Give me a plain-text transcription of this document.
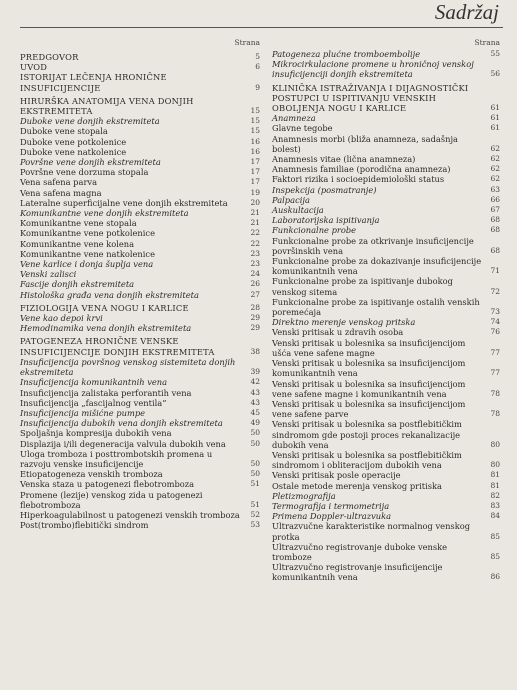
Sadržaj
Strana
PREDGOVOR	5
UVOD	6
ISTORIJAT LEČENJA HRONIČNE INSUFICIJENCIJE	9
HIRURŠKA ANATOMIJA VENA DONJIH EKSTREMITETA	15
Duboke vene donjih ekstremiteta	15
Duboke vene stopala	15
Duboke vene potkolenice	16
Duboke vene natkolenice	16
Površne vene donjih ekstremiteta	17
Površne vene dorzuma stopala	17
Vena safena parva	17
Vena safena magna	19
Lateralne superficijalne vene donjih ekstremiteta	20
Komunikantne vene donjih ekstremiteta	21
Komunikantne vene stopala	21
Komunikantne vene potkolenice	22
Komunikantne vene kolena	22
Komunikantne vene natkolenice	23
Vene karlice i donja šuplja vena	23
Venski zalisci	24
Fascije donjih ekstremiteta	26
Histološka građa vena donjih ekstremiteta	27
FIZIOLOGIJA VENA NOGU I KARLICE	28
Vene kao depoi krvi	29
Hemodinamika vena donjih ekstremiteta	29
PATOGENEZA HRONIČNE VENSKE INSUFICIJENCIJE DONJIH EKSTREMITETA	38
Insuficijencija površnog venskog sistemiteta donjih ekstremiteta	39
Insuficijencija komunikantnih vena	42
Insuficijencija zalistaka perforantih vena	43
Insuficijencija „fascijalnog ventila”	43
Insuficijencija mišićne pumpe	45
Insuficijencija dubokih vena donjih ekstremiteta	49
Spoljašnja kompresija dubokih vena	50
Displazija i/ili degeneracija valvula dubokih vena	50
Uloga tromboza i posttrombotskih promena u razvoju venske insuficijencije	50
Etiopatogeneza venskih tromboza	50
Venska staza u patogenezi flebotromboza	51
Promene (lezije) venskog zida u patogenezi flebotromboza	51
Hiperkoagulabilnost u patogenezi venskih tromboza	52
Post(trombo)flebitički sindrom	53
Strana
Patogeneza plućne tromboembolije	55
Mikrocirkulacione promene u hroničnoj venskoj insuficijenciji donjih ekstremiteta	56
KLINIČKA ISTRAŽIVANJA I DIJAGNOSTIČKI POSTUPCI U ISPITIVANJU VENSKIH OBOLJENJA NOGU I KARLICE	61
Anamneza	61
Glavne tegobe	61
Anamnesis morbi (bliža anamneza, sadašnja bolest)	62
Anamnesis vitae (lična anamneza)	62
Anamnesis familiae (porodična anamneza)	62
Faktori rizika i socioepidemiološki status	62
Inspekcija (posmatranje)	63
Palpacija	66
Auskultacija	67
Laboratorijska ispitivanja	68
Funkcionalne probe	68
Funkcionalne probe za otkrivanje insuficijencije površinskih vena	68
Funkcionalne probe za dokazivanje insuficijencije komunikantnih vena	71
Funkcionalne probe za ispitivanje dubokog venskog sitema	72
Funkcionalne probe za ispitivanje ostalih venskih poremećaja	73
Direktno merenje venskog pritska	74
Venski pritisak u zdravih osoba	76
Venski pritisak u bolesnika sa insuficijencijom ušća vene safene magne	77
Venski pritisak u bolesnika sa insuficijencijom komunikantnih vena	77
Venski pritisak u bolesnika sa insuficijencijom vene safene magne i komunikantnih vena	78
Venski pritisak u bolesnika sa insuficijencijom vene safene parve	78
Venski pritisak u bolesnika sa postflebitičkim sindromom gde postoji proces rekanalizacije dubokih vena	80
Venski pritisak u bolesnika sa postflebitičkim sindromom i obliteracijom dubokih vena	80
Venski pritisak posle operacije	81
Ostale metode merenja venskog pritiska	81
Pletizmografija	82
Termografija i termometrija	83
Primena Doppler-ultrazvuka	84
Ultrazvučne karakteristike normalnog venskog protka	85
Ultrazvučno registrovanje duboke venske tromboze	85
Ultrazvučno registrovanje insuficijencije komunikantnih vena	86
